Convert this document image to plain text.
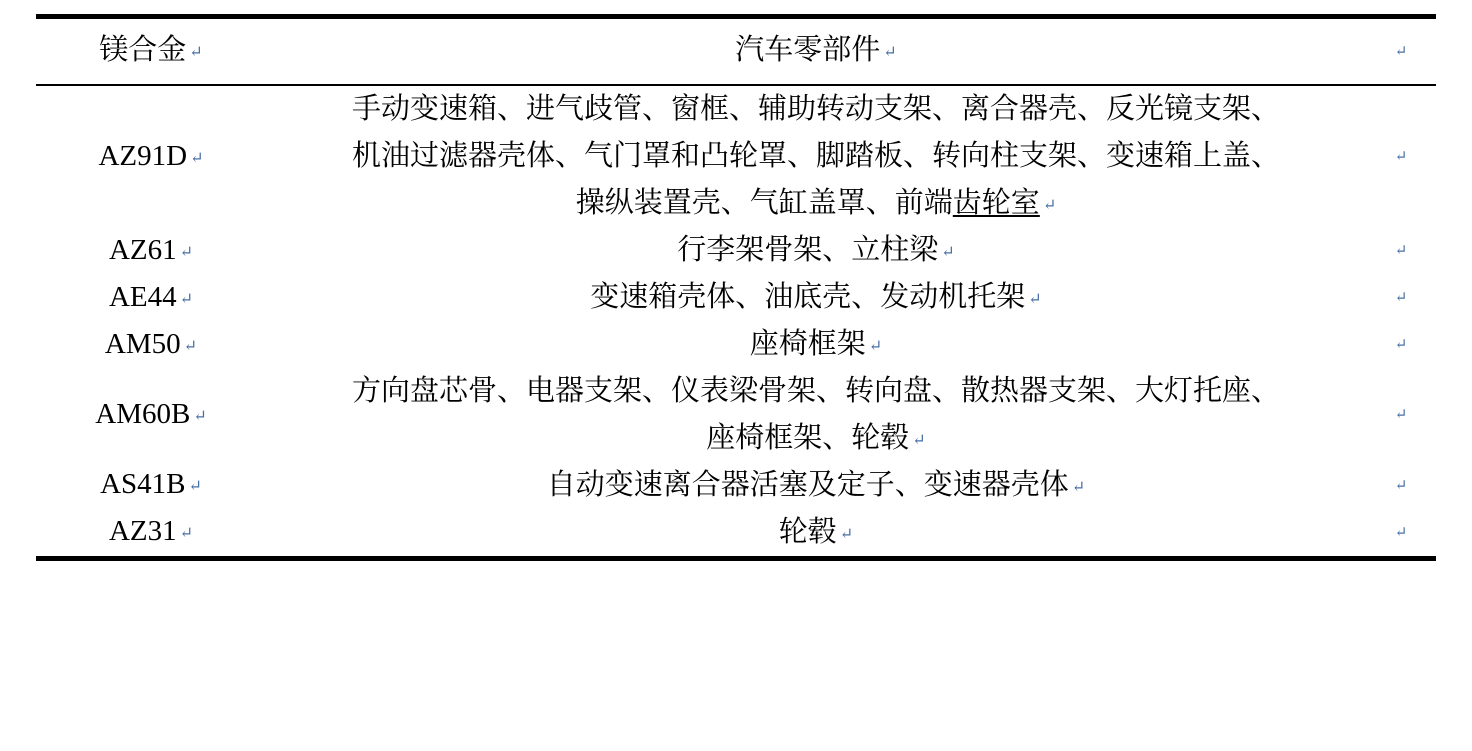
镁合金 ↵	汽车零部件 ↵	↵
AZ91D ↵	手动变速箱、进气歧管、窗框、辅助转动支架、离合器壳、反光镜支架、
机油过滤器壳体、气门罩和凸轮罩、脚踏板、转向柱支架、变速箱上盖、
操纵装置壳、气缸盖罩、前端齿轮室 ↵	↵
AZ61 ↵	行李架骨架、立柱梁 ↵	↵
AE44 ↵	变速箱壳体、油底壳、发动机托架 ↵	↵
AM50 ↵	座椅框架 ↵	↵
AM60B ↵	方向盘芯骨、电器支架、仪表梁骨架、转向盘、散热器支架、大灯托座、
座椅框架、轮毂 ↵	↵
AS41B ↵	自动变速离合器活塞及定子、变速器壳体 ↵	↵
AZ31 ↵	轮毂 ↵	↵
